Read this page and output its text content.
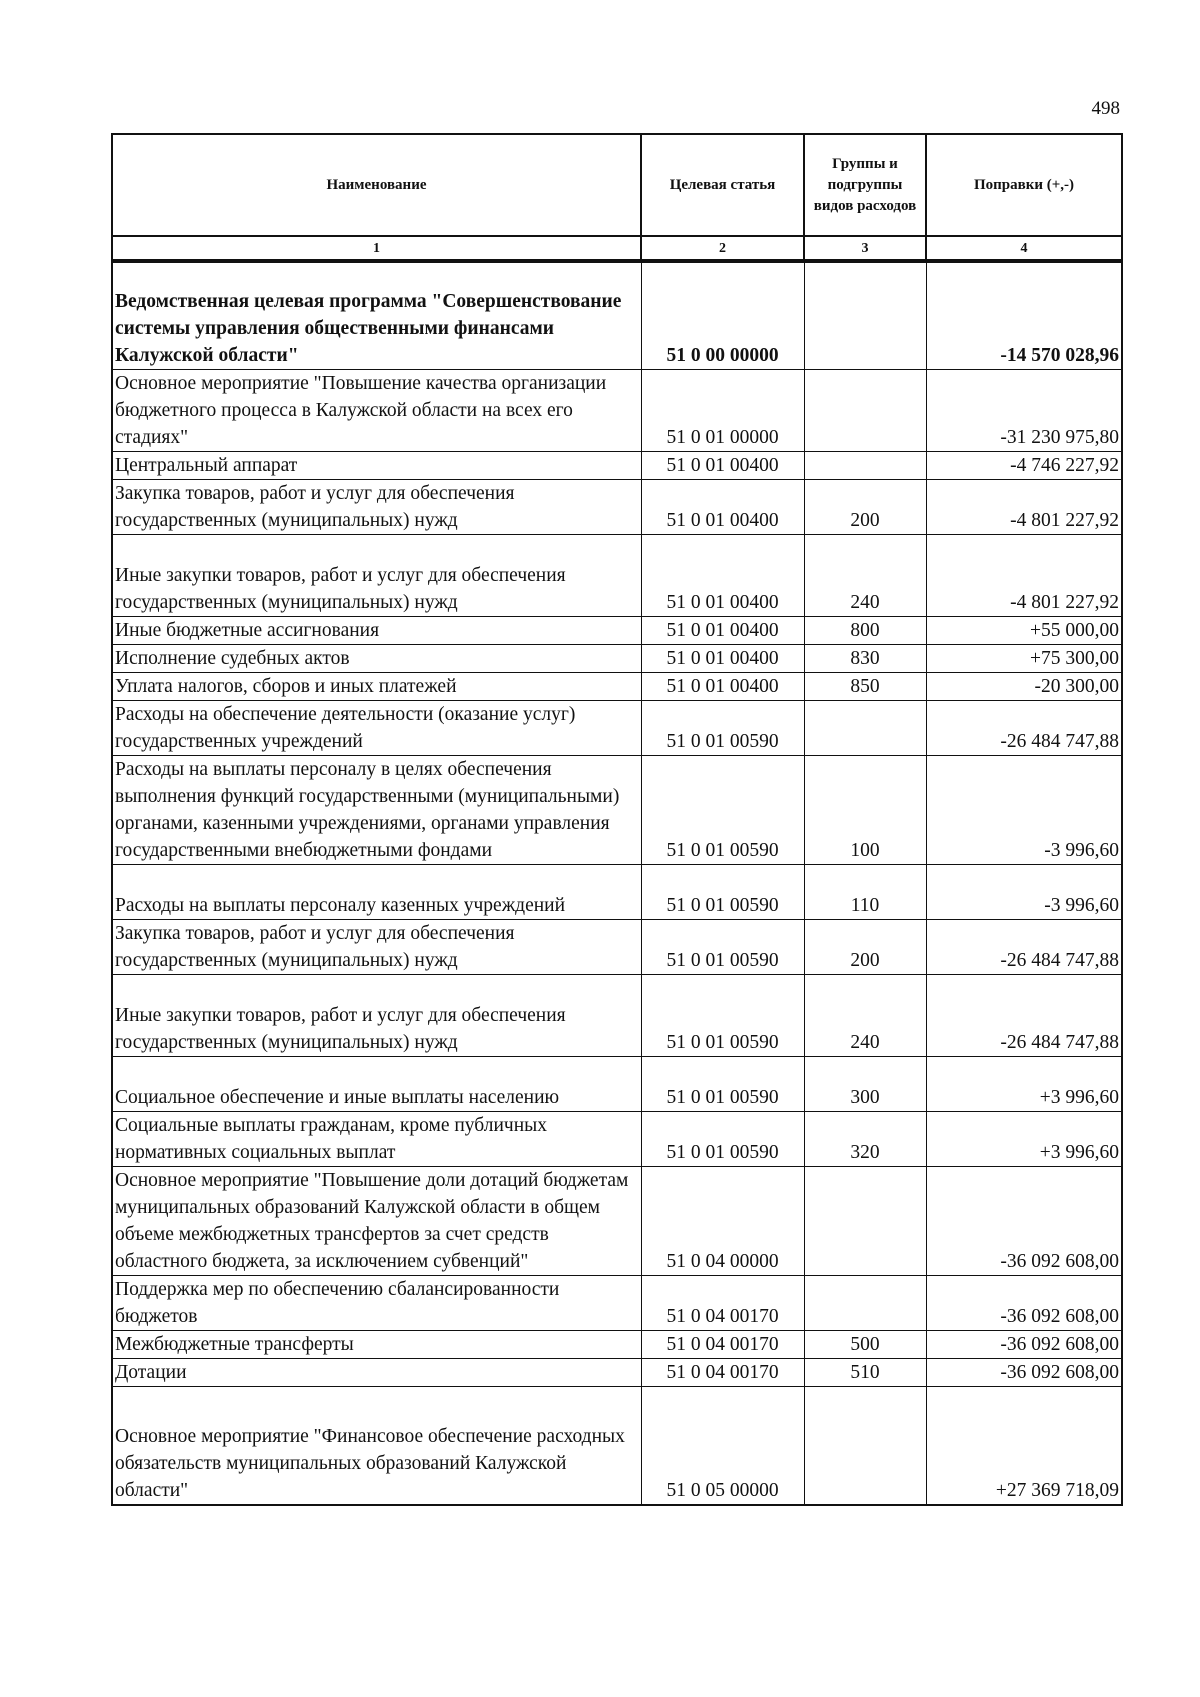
498
Наименование	Целевая статья	Группы и подгруппы видов расходов	Поправки (+,-)
1	2	3	4
Ведомственная целевая программа "Совершенствование системы управления общественными финансами Калужской области"	51 0 00 00000		-14 570 028,96
Основное мероприятие "Повышение качества организации бюджетного процесса в Калужской области на всех его стадиях"	51 0 01 00000		-31 230 975,80
Центральный аппарат	51 0 01 00400		-4 746 227,92
Закупка товаров, работ и услуг для обеспечения государственных (муниципальных) нужд	51 0 01 00400	200	-4 801 227,92
Иные закупки товаров, работ и услуг для обеспечения государственных (муниципальных) нужд	51 0 01 00400	240	-4 801 227,92
Иные бюджетные ассигнования	51 0 01 00400	800	+55 000,00
Исполнение судебных актов	51 0 01 00400	830	+75 300,00
Уплата налогов, сборов и иных платежей	51 0 01 00400	850	-20 300,00
Расходы на обеспечение деятельности (оказание услуг) государственных учреждений	51 0 01 00590		-26 484 747,88
Расходы на выплаты персоналу в целях обеспечения выполнения функций государственными (муниципальными) органами, казенными учреждениями, органами управления государственными внебюджетными фондами	51 0 01 00590	100	-3 996,60
Расходы на выплаты персоналу казенных учреждений	51 0 01 00590	110	-3 996,60
Закупка товаров, работ и услуг для обеспечения государственных (муниципальных) нужд	51 0 01 00590	200	-26 484 747,88
Иные закупки товаров, работ и услуг для обеспечения государственных (муниципальных) нужд	51 0 01 00590	240	-26 484 747,88
Социальное обеспечение и иные выплаты населению	51 0 01 00590	300	+3 996,60
Социальные выплаты гражданам, кроме публичных нормативных социальных выплат	51 0 01 00590	320	+3 996,60
Основное мероприятие "Повышение доли дотаций бюджетам муниципальных образований Калужской области в общем объеме межбюджетных трансфертов за счет средств областного бюджета, за исключением субвенций"	51 0 04 00000		-36 092 608,00
Поддержка мер по обеспечению сбалансированности бюджетов	51 0 04 00170		-36 092 608,00
Межбюджетные трансферты	51 0 04 00170	500	-36 092 608,00
Дотации	51 0 04 00170	510	-36 092 608,00
Основное мероприятие "Финансовое обеспечение расходных обязательств муниципальных образований Калужской области"	51 0 05 00000		+27 369 718,09
